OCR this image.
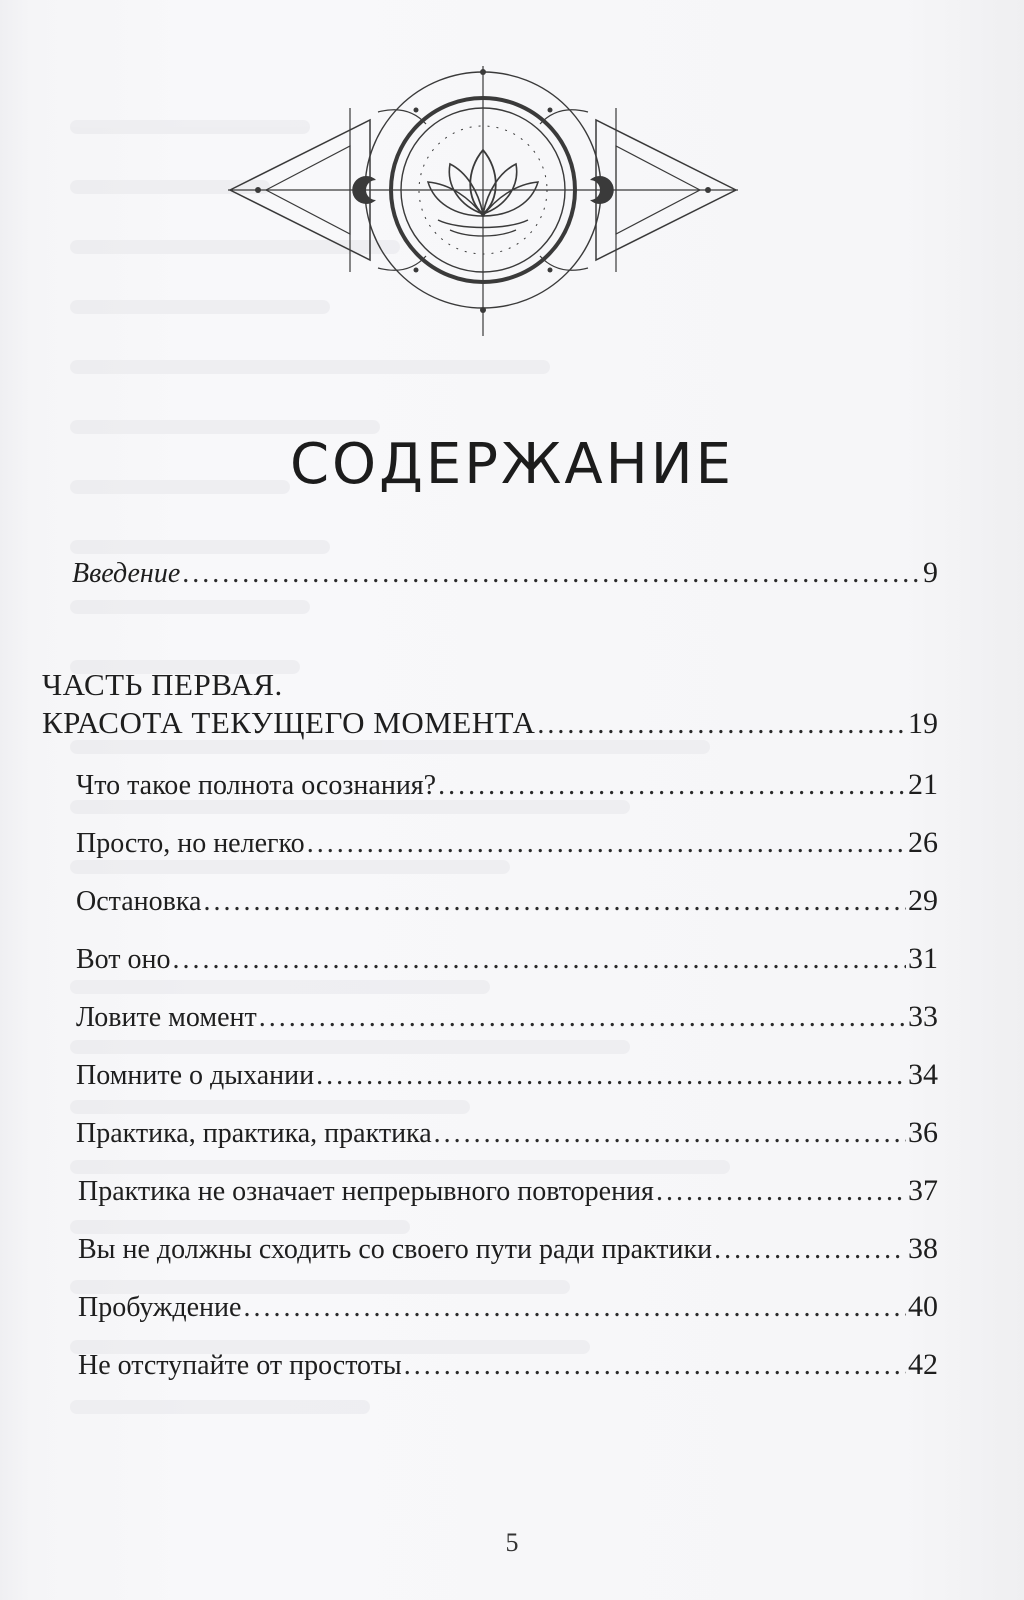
СОДЕРЖАНИЕ
Введение .....	9
ЧАСТЬ ПЕРВАЯ.
КРАСОТА ТЕКУЩЕГО МОМЕНТА .....	19
Что такое полнота осознания? .....	21
Просто, но нелегко .....	26
Остановка .....	29
Вот оно .....	31
Ловите момент .....	33
Помните о дыхании .....	34
Практика, практика, практика .....	36
Практика не означает непрерывного повторения .....	37
Вы не должны сходить со своего пути ради практики .....	38
Пробуждение .....	40
Не отступайте от простоты .....	42
5
